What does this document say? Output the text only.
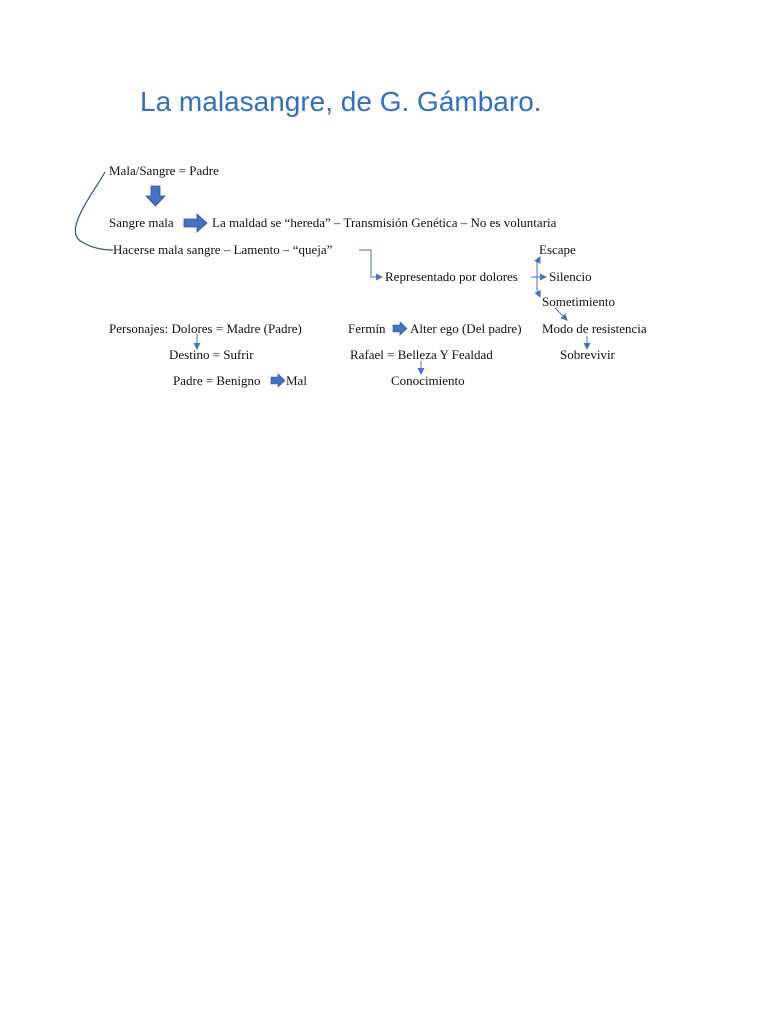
La malasangre, de G. Gámbaro.
Mala/Sangre = Padre
Sangre mala	La maldad se “hereda” – Transmisión Genética – No es voluntaria
Hacerse mala sangre – Lamento – “queja”
Representado por dolores
Escape
Silencio
Sometimiento
Modo de resistencia
Sobrevivir
Personajes: Dolores = Madre (Padre)
Destino = Sufrir
Padre = Benigno Mal
Fermín Alter ego (Del padre)
Rafael = Belleza Y Fealdad
Conocimiento
